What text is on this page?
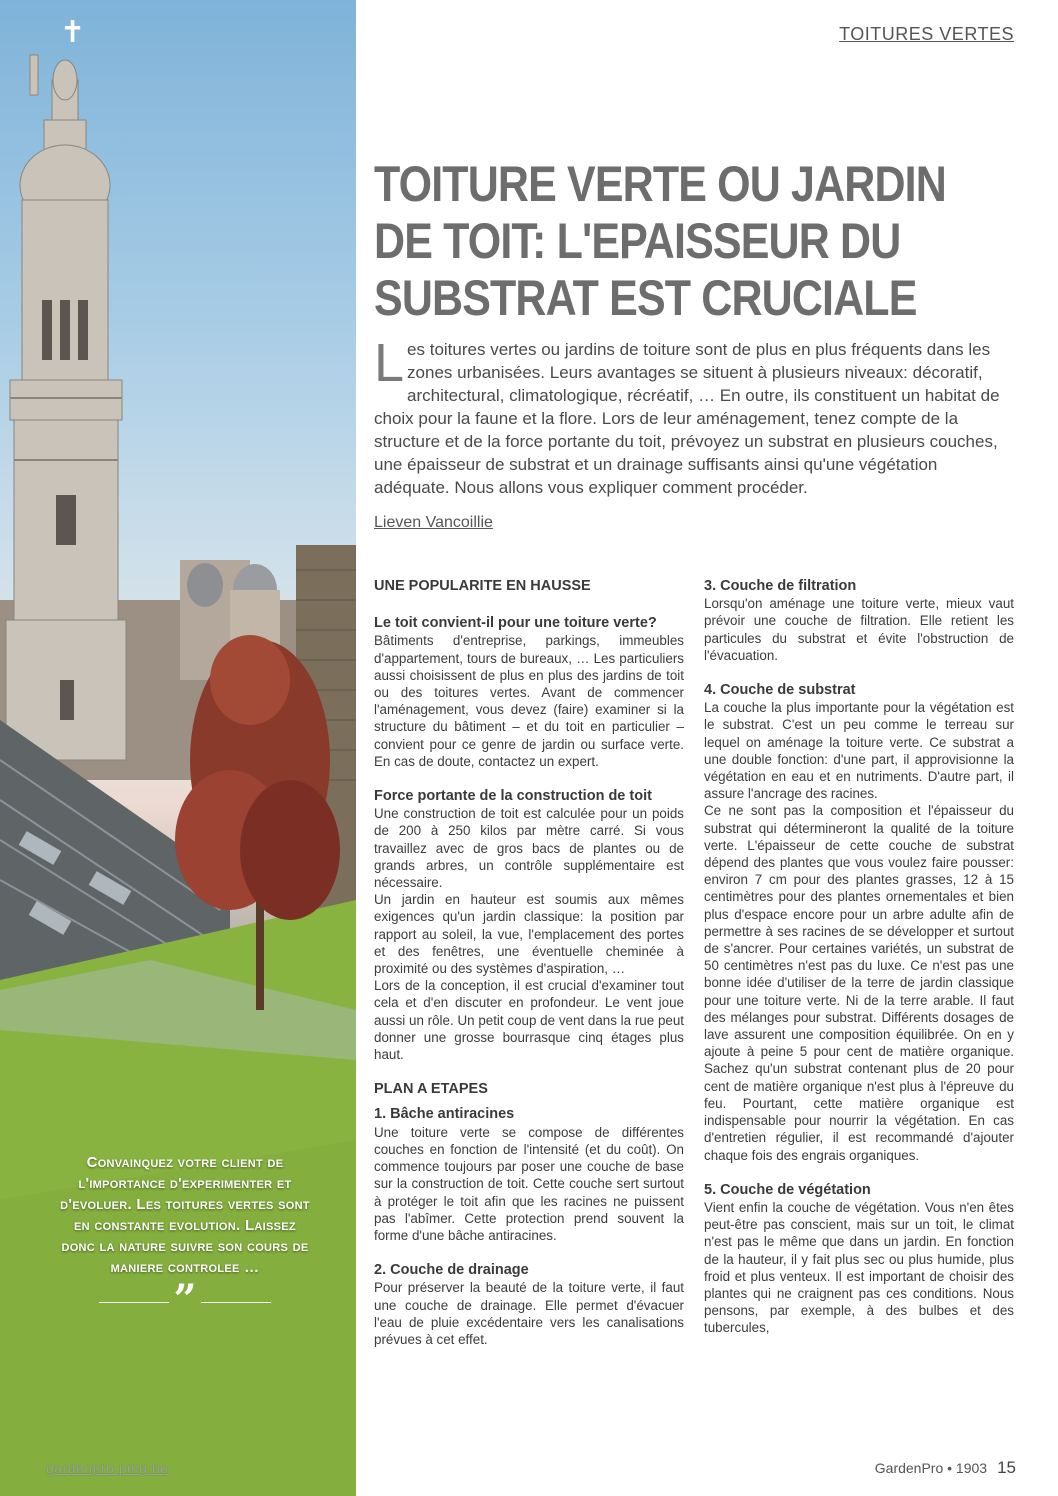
✝
Convainquez votre client de l'importance d'experimenter et d'evoluer. Les toitures vertes sont en constante evolution. Laissez donc la nature suivre son cours de maniere controlee …
”
gardenpro.pmg.be
TOITURES VERTES
TOITURE VERTE OU JARDIN
DE TOIT: L'EPAISSEUR DU
SUBSTRAT EST CRUCIALE

Les toitures vertes ou jardins de toiture sont de plus en plus fréquents dans les zones urbanisées. Leurs avantages se situent à plusieurs niveaux: décoratif, architectural, climatologique, récréatif, … En outre, ils constituent un habitat de choix pour la faune et la flore. Lors de leur aménagement, tenez compte de la structure et de la force portante du toit, prévoyez un substrat en plusieurs couches, une épaisseur de substrat et un drainage suffisants ainsi qu'une végétation adéquate. Nous allons vous expliquer comment procéder.

Lieven Vancoillie
UNE POPULARITE EN HAUSSE
Le toit convient-il pour une toiture verte?

Bâtiments d'entreprise, parkings, immeubles d'appartement, tours de bureaux, … Les particuliers aussi choisissent de plus en plus des jardins de toit ou des toitures vertes. Avant de commencer l'aménagement, vous devez (faire) examiner si la structure du bâtiment – et du toit en particulier – convient pour ce genre de jardin ou surface verte. En cas de doute, contactez un expert.

Force portante de la construction de toit

Une construction de toit est calculée pour un poids de 200 à 250 kilos par mètre carré. Si vous travaillez avec de gros bacs de plantes ou de grands arbres, un contrôle supplémentaire est nécessaire.

Un jardin en hauteur est soumis aux mêmes exigences qu'un jardin classique: la position par rapport au soleil, la vue, l'emplacement des portes et des fenêtres, une éventuelle cheminée à proximité ou des systèmes d'aspiration, …

Lors de la conception, il est crucial d'examiner tout cela et d'en discuter en profondeur. Le vent joue aussi un rôle. Un petit coup de vent dans la rue peut donner une grosse bourrasque cinq étages plus haut.

PLAN A ETAPES
1. Bâche antiracines

Une toiture verte se compose de différentes couches en fonction de l'intensité (et du coût). On commence toujours par poser une couche de base sur la construction de toit. Cette couche sert surtout à protéger le toit afin que les racines ne puissent pas l'abîmer. Cette protection prend souvent la forme d'une bâche antiracines.

2. Couche de drainage

Pour préserver la beauté de la toiture verte, il faut une couche de drainage. Elle permet d'évacuer l'eau de pluie excédentaire vers les canalisations prévues à cet effet.

3. Couche de filtration

Lorsqu'on aménage une toiture verte, mieux vaut prévoir une couche de filtration. Elle retient les particules du substrat et évite l'obstruction de l'évacuation.

4. Couche de substrat

La couche la plus importante pour la végétation est le substrat. C'est un peu comme le terreau sur lequel on aménage la toiture verte. Ce substrat a une double fonction: d'une part, il approvisionne la végétation en eau et en nutriments. D'autre part, il assure l'ancrage des racines.

Ce ne sont pas la composition et l'épaisseur du substrat qui détermineront la qualité de la toiture verte. L'épaisseur de cette couche de substrat dépend des plantes que vous voulez faire pousser: environ 7 cm pour des plantes grasses, 12 à 15 centimètres pour des plantes ornementales et bien plus d'espace encore pour un arbre adulte afin de permettre à ses racines de se développer et surtout de s'ancrer. Pour certaines variétés, un substrat de 50 centimètres n'est pas du luxe. Ce n'est pas une bonne idée d'utiliser de la terre de jardin classique pour une toiture verte. Ni de la terre arable. Il faut des mélanges pour substrat. Différents dosages de lave assurent une composition équilibrée. On en y ajoute à peine 5 pour cent de matière organique. Sachez qu'un substrat contenant plus de 20 pour cent de matière organique n'est plus à l'épreuve du feu. Pourtant, cette matière organique est indispensable pour nourrir la végétation. En cas d'entretien régulier, il est recommandé d'ajouter chaque fois des engrais organiques.

5. Couche de végétation

Vient enfin la couche de végétation. Vous n'en êtes peut-être pas conscient, mais sur un toit, le climat n'est pas le même que dans un jardin. En fonction de la hauteur, il y fait plus sec ou plus humide, plus froid et plus venteux. Il est important de choisir des plantes qui ne craignent pas ces conditions. Nous pensons, par exemple, à des bulbes et des tubercules,

GardenPro • 1903 15
